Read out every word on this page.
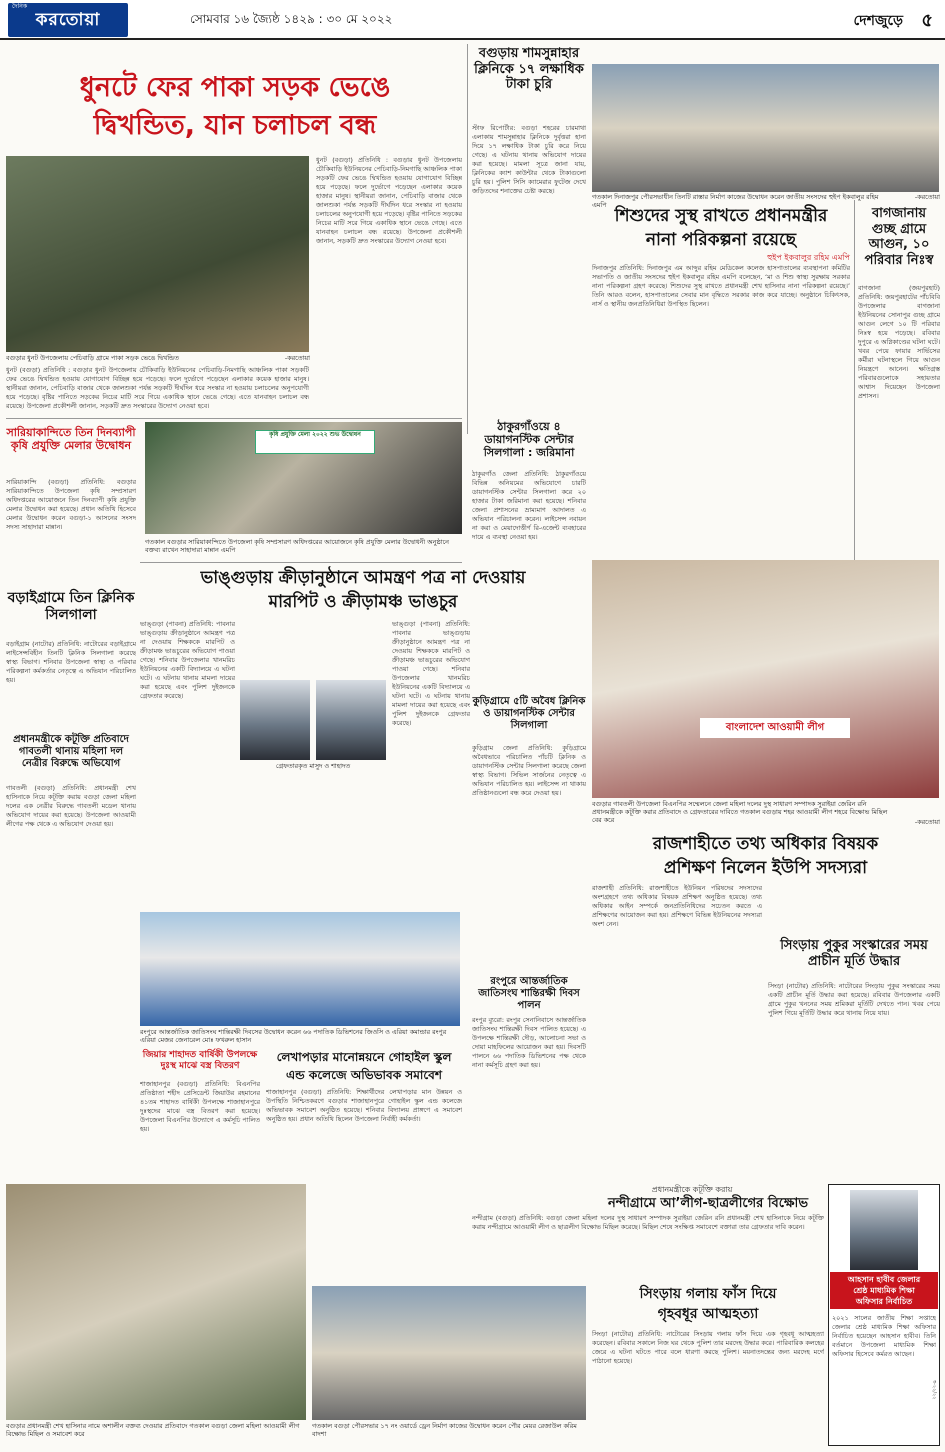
করতোয়া
দৈনিক
সোমবার ১৬ জ্যৈষ্ঠ ১৪২৯ : ৩০ মে ২০২২	দেশজুড়ে ৫
ধুনটে ফের পাকা সড়ক ভেঙে
দ্বিখন্ডিত, যান চলাচল বন্ধ
বগুড়ার ধুনট উপজেলায় পেচিবাড়ি গ্রামে পাকা সড়ক ভেঙে দ্বিখন্ডিত	-করতোয়া
ধুনট (বগুড়া) প্রতিনিধি : বগুড়ার ধুনট উপজেলায় চৌকিবাড়ি ইউনিয়নের পেচিবাড়ি-নিমগাছি আঞ্চলিক পাকা সড়কটি ফের ভেঙে দ্বিখন্ডিত হওয়ায় যোগাযোগ বিচ্ছিন্ন হয়ে পড়েছে। ফলে দুর্ভোগে পড়েছেন এলাকার কয়েক হাজার মানুষ। স্থানীয়রা জানান, পেচিবাড়ি বাজার থেকে জালশুকা পর্যন্ত সড়কটি দীর্ঘদিন ধরে সংস্কার না হওয়ায় চলাচলের অনুপযোগী হয়ে পড়েছে। বৃষ্টির পানিতে সড়কের নিচের মাটি সরে গিয়ে একাধিক স্থানে ভেঙে গেছে। এতে যানবাহন চলাচল বন্ধ রয়েছে। উপজেলা প্রকৌশলী জানান, সড়কটি দ্রুত সংস্কারের উদ্যোগ নেওয়া হবে।
ধুনট (বগুড়া) প্রতিনিধি : বগুড়ার ধুনট উপজেলায় চৌকিবাড়ি ইউনিয়নের পেচিবাড়ি-নিমগাছি আঞ্চলিক পাকা সড়কটি ফের ভেঙে দ্বিখন্ডিত হওয়ায় যোগাযোগ বিচ্ছিন্ন হয়ে পড়েছে। ফলে দুর্ভোগে পড়েছেন এলাকার কয়েক হাজার মানুষ। স্থানীয়রা জানান, পেচিবাড়ি বাজার থেকে জালশুকা পর্যন্ত সড়কটি দীর্ঘদিন ধরে সংস্কার না হওয়ায় চলাচলের অনুপযোগী হয়ে পড়েছে। বৃষ্টির পানিতে সড়কের নিচের মাটি সরে গিয়ে একাধিক স্থানে ভেঙে গেছে। এতে যানবাহন চলাচল বন্ধ রয়েছে। উপজেলা প্রকৌশলী জানান, সড়কটি দ্রুত সংস্কারের উদ্যোগ নেওয়া হবে।
বগুড়ায় শামসুন্নাহার ক্লিনিকে ১৭ লক্ষাধিক টাকা চুরি
স্টাফ রিপোর্টার: বগুড়া শহরের চারমাথা এলাকায় শামসুন্নাহার ক্লিনিকে দুর্বৃত্তরা হানা দিয়ে ১৭ লক্ষাধিক টাকা চুরি করে নিয়ে গেছে। এ ঘটনায় থানায় অভিযোগ দায়ের করা হয়েছে। মামলা সূত্রে জানা যায়, ক্লিনিকের ক্যাশ কাউন্টার থেকে টাকাগুলো চুরি হয়। পুলিশ সিসি ক্যামেরার ফুটেজ দেখে জড়িতদের শনাক্তের চেষ্টা করছে।
গতকাল দিনাজপুর পৌরসভাধীন তিনটি রাস্তার নির্মাণ কাজের উদ্বোধন করেন জাতীয় সংসদের হুইপ ইকবালুর রহিম এমপি
-করতোয়া
শিশুদের সুস্থ রাখতে প্রধানমন্ত্রীর
নানা পরিকল্পনা রয়েছে
হুইপ ইকবালুর রহিম এমপি
দিনাজপুর প্রতিনিধি: দিনাজপুর এম আব্দুর রহিম মেডিকেল কলেজ হাসপাতালের ব্যবস্থাপনা কমিটির সভাপতি ও জাতীয় সংসদের হুইপ ইকবালুর রহিম এমপি বলেছেন, ‘মা ও শিশু স্বাস্থ্য সুরক্ষায় সরকার নানা পরিকল্পনা গ্রহণ করেছে। শিশুদের সুস্থ রাখতে প্রধানমন্ত্রী শেখ হাসিনার নানা পরিকল্পনা রয়েছে।’ তিনি আরও বলেন, হাসপাতালের সেবার মান বৃদ্ধিতে সরকার কাজ করে যাচ্ছে। অনুষ্ঠানে চিকিৎসক, নার্স ও স্থানীয় জনপ্রতিনিধিরা উপস্থিত ছিলেন।
বাগজানায় গুচ্ছ গ্রামে আগুন, ১০ পরিবার নিঃস্ব
বাগজানা (জয়পুরহাট) প্রতিনিধি: জয়পুরহাটের পাঁচবিবি উপজেলার বাগজানা ইউনিয়নের সোনাপুর গুচ্ছ গ্রামে আগুন লেগে ১০ টি পরিবার নিঃস্ব হয়ে পড়েছে। রবিবার দুপুরে এ অগ্নিকাণ্ডের ঘটনা ঘটে। খবর পেয়ে ফায়ার সার্ভিসের কর্মীরা ঘটনাস্থলে গিয়ে আগুন নিয়ন্ত্রণে আনেন। ক্ষতিগ্রস্ত পরিবারগুলোকে সহায়তার আশ্বাস দিয়েছেন উপজেলা প্রশাসন।
ঠাকুরগাঁওয়ে ৪ ডায়াগনস্টিক সেন্টার সিলগালা : জরিমানা
ঠাকুরগাঁও জেলা প্রতিনিধি: ঠাকুরগাঁওয়ে বিভিন্ন অনিয়মের অভিযোগে চারটি ডায়াগনস্টিক সেন্টার সিলগালা করে ২০ হাজার টাকা জরিমানা করা হয়েছে। শনিবার জেলা প্রশাসনের ভ্রাম্যমাণ আদালত এ অভিযান পরিচালনা করেন। লাইসেন্স নবায়ন না করা ও মেয়াদোত্তীর্ণ রি-এজেন্ট ব্যবহারের দায়ে এ ব্যবস্থা নেওয়া হয়।
কুড়িগ্রামে ৫টি অবৈধ ক্লিনিক ও ডায়াগনস্টিক সেন্টার সিলগালা
কুড়িগ্রাম জেলা প্রতিনিধি: কুড়িগ্রামে অবৈধভাবে পরিচালিত পাঁচটি ক্লিনিক ও ডায়াগনস্টিক সেন্টার সিলগালা করেছে জেলা স্বাস্থ্য বিভাগ। সিভিল সার্জনের নেতৃত্বে এ অভিযান পরিচালিত হয়। লাইসেন্স না থাকায় প্রতিষ্ঠানগুলো বন্ধ করে দেওয়া হয়।
সারিয়াকান্দিতে তিন দিনব্যাপী কৃষি প্রযুক্তি মেলার উদ্বোধন
সারিয়াকান্দি (বগুড়া) প্রতিনিধি: বগুড়ার সারিয়াকান্দিতে উপজেলা কৃষি সম্প্রসারণ অধিদপ্তরের আয়োজনে তিন দিনব্যাপী কৃষি প্রযুক্তি মেলার উদ্বোধন করা হয়েছে। প্রধান অতিথি হিসেবে মেলার উদ্বোধন করেন বগুড়া-১ আসনের সংসদ সদস্য সাহাদারা মান্নান।
কৃষি প্রযুক্তি মেলা ২০২২ শুভ উদ্বোধন
গতকাল বগুড়ার সারিয়াকান্দিতে উপজেলা কৃষি সম্প্রসারণ অধিদপ্তরের আয়োজনে কৃষি প্রযুক্তি মেলার উদ্বোধনী অনুষ্ঠানে বক্তব্য রাখেন সাহাদারা মান্নান এমপি
ভাঙ্গুড়ায় ক্রীড়ানুষ্ঠানে আমন্ত্রণ পত্র না দেওয়ায়
মারপিট ও ক্রীড়ামঞ্চ ভাঙচুর
ভাঙ্গুড়া (পাবনা) প্রতিনিধি: পাবনার ভাঙ্গুড়ায় ক্রীড়ানুষ্ঠানে আমন্ত্রণ পত্র না দেওয়ায় শিক্ষককে মারপিট ও ক্রীড়ামঞ্চ ভাঙচুরের অভিযোগ পাওয়া গেছে। শনিবার উপজেলার খানমরিচ ইউনিয়নের একটি বিদ্যালয়ে এ ঘটনা ঘটে। এ ঘটনায় থানায় মামলা দায়ের করা হয়েছে এবং পুলিশ দুইজনকে গ্রেফতার করেছে।
গ্রেফতারকৃত মাসুদ ও শাহাদত
ভাঙ্গুড়া (পাবনা) প্রতিনিধি: পাবনার ভাঙ্গুড়ায় ক্রীড়ানুষ্ঠানে আমন্ত্রণ পত্র না দেওয়ায় শিক্ষককে মারপিট ও ক্রীড়ামঞ্চ ভাঙচুরের অভিযোগ পাওয়া গেছে। শনিবার উপজেলার খানমরিচ ইউনিয়নের একটি বিদ্যালয়ে এ ঘটনা ঘটে। এ ঘটনায় থানায় মামলা দায়ের করা হয়েছে এবং পুলিশ দুইজনকে গ্রেফতার করেছে।
বড়াইগ্রামে তিন ক্লিনিক সিলগালা
বড়াইগ্রাম (নাটোর) প্রতিনিধি: নাটোরের বড়াইগ্রামে লাইসেন্সবিহীন তিনটি ক্লিনিক সিলগালা করেছে স্বাস্থ্য বিভাগ। শনিবার উপজেলা স্বাস্থ্য ও পরিবার পরিকল্পনা কর্মকর্তার নেতৃত্বে এ অভিযান পরিচালিত হয়।
প্রধানমন্ত্রীকে কটূক্তি প্রতিবাদে গাবতলী থানায় মহিলা দল নেত্রীর বিরুদ্ধে অভিযোগ
গাবতলী (বগুড়া) প্রতিনিধি: প্রধানমন্ত্রী শেখ হাসিনাকে নিয়ে কটূক্তি করায় বগুড়া জেলা মহিলা দলের এক নেত্রীর বিরুদ্ধে গাবতলী মডেল থানায় অভিযোগ দায়ের করা হয়েছে। উপজেলা আওয়ামী লীগের পক্ষ থেকে এ অভিযোগ দেওয়া হয়।
রংপুরে আন্তর্জাতিক জাতিসংঘ শান্তিরক্ষী দিবসের উদ্বোধন করেন ৬৬ পদাতিক ডিভিশনের জিওসি ও এরিয়া কমান্ডার রংপুর এরিয়া মেজর জেনারেল মোঃ ফখরুল হাসান
জিয়ার শাহাদত বার্ষিকী উপলক্ষে দুঃস্থ মাঝে বস্ত্র বিতরণ
শাজাহানপুর (বগুড়া) প্রতিনিধি: বিএনপির প্রতিষ্ঠাতা শহীদ প্রেসিডেন্ট জিয়াউর রহমানের ৪১তম শাহাদত বার্ষিকী উপলক্ষে শাজাহানপুরে দুঃস্থদের মাঝে বস্ত্র বিতরণ করা হয়েছে। উপজেলা বিএনপির উদ্যোগে এ কর্মসূচি পালিত হয়।
লেখাপড়ার মানোন্নয়নে গোহাইল স্কুল
এন্ড কলেজে অভিভাবক সমাবেশ
শাজাহানপুর (বগুড়া) প্রতিনিধি: শিক্ষার্থীদের লেখাপড়ার মান উন্নয়ন ও উপস্থিতি নিশ্চিতকরণে বগুড়ার শাজাহানপুরে গোহাইল স্কুল এন্ড কলেজে অভিভাবক সমাবেশ অনুষ্ঠিত হয়েছে। শনিবার বিদ্যালয় প্রাঙ্গণে এ সমাবেশ অনুষ্ঠিত হয়। প্রধান অতিথি ছিলেন উপজেলা নির্বাহী কর্মকর্তা।
রংপুরে আন্তর্জাতিক জাতিসংঘ শান্তিরক্ষী দিবস পালন
রংপুর ব্যুরো: রংপুর সেনানিবাসে আন্তর্জাতিক জাতিসংঘ শান্তিরক্ষী দিবস পালিত হয়েছে। এ উপলক্ষে শান্তিরক্ষী দৌড়, আলোচনা সভা ও দোয়া মাহফিলের আয়োজন করা হয়। দিবসটি পালনে ৬৬ পদাতিক ডিভিশনের পক্ষ থেকে নানা কর্মসূচি গ্রহণ করা হয়।
বাংলাদেশ আওয়ামী লীগ
বগুড়ার গাবতলী উপজেলা বিএনপির সম্মেলনে জেলা মহিলা দলের দুস্থ সাধারণ সম্পাদক সুরাইয়া জেরিন রনি প্রধানমন্ত্রীকে কটূক্তি করার প্রতিবাদে ও গ্রেফতারের দাবিতে গতকাল বগুড়ায় শহর আওয়ামী লীগ শহরে বিক্ষোভ মিছিল বের করে	-করতোয়া
রাজশাহীতে তথ্য অধিকার বিষয়ক
প্রশিক্ষণ নিলেন ইউপি সদস্যরা
রাজশাহী প্রতিনিধি: রাজশাহীতে ইউনিয়ন পরিষদের সদস্যদের অংশগ্রহণে তথ্য অধিকার বিষয়ক প্রশিক্ষণ অনুষ্ঠিত হয়েছে। তথ্য অধিকার আইন সম্পর্কে জনপ্রতিনিধিদের সচেতন করতে এ প্রশিক্ষণের আয়োজন করা হয়। প্রশিক্ষণে বিভিন্ন ইউনিয়নের সদস্যরা অংশ নেন।
সিংড়ায় পুকুর সংস্কারের সময় প্রাচীন মূর্তি উদ্ধার
সিংড়া (নাটোর) প্রতিনিধি: নাটোরের সিংড়ায় পুকুর সংস্কারের সময় একটি প্রাচীন মূর্তি উদ্ধার করা হয়েছে। রবিবার উপজেলার একটি গ্রামে পুকুর খননের সময় শ্রমিকরা মূর্তিটি দেখতে পান। খবর পেয়ে পুলিশ গিয়ে মূর্তিটি উদ্ধার করে থানায় নিয়ে যায়।
প্রধানমন্ত্রীকে কটূক্তি করায়
নন্দীগ্রামে আ’লীগ-ছাত্রলীগের বিক্ষোভ
নন্দীগ্রাম (বগুড়া) প্রতিনিধি: বগুড়া জেলা মহিলা দলের দুস্থ সাধারণ সম্পাদক সুরাইয়া জেরিন রনি প্রধানমন্ত্রী শেখ হাসিনাকে নিয়ে কটূক্তি করায় নন্দীগ্রামে আওয়ামী লীগ ও ছাত্রলীগ বিক্ষোভ মিছিল করেছে। মিছিল শেষে সংক্ষিপ্ত সমাবেশে বক্তারা তার গ্রেফতার দাবি করেন।
আহসান হাবীব জেলার
শ্রেষ্ঠ মাধ্যমিক শিক্ষা
অফিসার নির্বাচিত
২০২১ সালের জাতীয় শিক্ষা সপ্তাহে জেলার শ্রেষ্ঠ মাধ্যমিক শিক্ষা অফিসার নির্বাচিত হয়েছেন আহসান হাবীব। তিনি বর্তমানে উপজেলা মাধ্যমিক শিক্ষা অফিসার হিসেবে কর্মরত আছেন।
সিংড়ায় গলায় ফাঁস দিয়ে
গৃহবধূর আত্মহত্যা
সিংড়া (নাটোর) প্রতিনিধি: নাটোরের সিংড়ায় গলায় ফাঁস দিয়ে এক গৃহবধূ আত্মহত্যা করেছেন। রবিবার সকালে নিজ ঘর থেকে পুলিশ তার মরদেহ উদ্ধার করে। পারিবারিক কলহের জেরে এ ঘটনা ঘটতে পারে বলে ধারণা করছে পুলিশ। ময়নাতদন্তের জন্য মরদেহ মর্গে পাঠানো হয়েছে।
বগুড়ার প্রধানমন্ত্রী শেখ হাসিনার নামে অশালীন বক্তব্য দেওয়ার প্রতিবাদে গতকাল বগুড়া জেলা মহিলা আওয়ামী লীগ বিক্ষোভ মিছিল ও সমাবেশ করে
গতকাল বগুড়া পৌরসভার ১৭ নং ওয়ার্ডে ড্রেন নির্মাণ কাজের উদ্বোধন করেন পৌর মেয়র রেজাউল করিম বাদশা
স্ব-২২/২২
